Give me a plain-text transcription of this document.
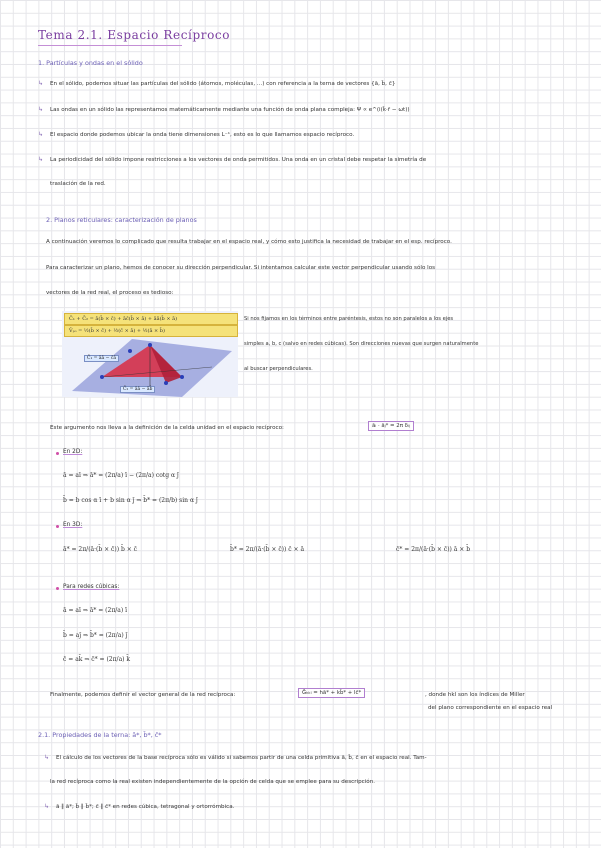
Tema 2.1. Espacio Recíproco
1. Partículas y ondas en el sólido
↳ En el sólido, podemos situar las partículas del sólido (átomos, moléculas, ...) con referencia a la terna de vectores {ā, b̄, c̄}
↳ Las ondas en un sólido las representamos matemáticamente mediante una función de onda plana compleja: Ψ ∝ e^(i(k̄·r̄ − ωt))
↳ El espacio donde podemos ubicar la onda tiene dimensiones L⁻¹, esto es lo que llamamos espacio recíproco.
↳ La periodicidad del sólido impone restricciones a los vectores de onda permitidos. Una onda en un cristal debe respetar la simetría de
traslación de la red.
2. Planos reticulares: caracterización de planos
A continuación veremos lo complicado que resulta trabajar en el espacio real, y cómo esto justifica la necesidad de trabajar en el esp. recíproco.
Para caracterizar un plano, hemos de conocer su dirección perpendicular. Si intentamos calcular este vector perpendicular usando sólo los
vectores de la red real, el proceso es tedioso:
C̄₁ + C̄₂ = ā(b̄ × c̄) + āc̄(b̄ × ā) + āā(b̄ × ā)
V̄ₚₒ = ½(b̄ × c̄) + ½(c̄ × ā) + ½(ā × b̄)
C̄₁ = āā − c̄ā
C̄₂ = āā − āb̄
Si nos fijamos en los términos entre paréntesis, estos no son paralelos a los ejes
simples a, b, c (salvo en redes cúbicas). Son direcciones nuevas que surgen naturalmente
al buscar perpendiculares.
Este argumento nos lleva a la definición de la celda unidad en el espacio recíproco:	āᵢ · āⱼ* = 2π δᵢⱼ
En 2D:
ā = aī ⇒ ā* = (2π/a) ī − (2π/a) cotg α j̄
b̄ = b cos α ī + b sin α j̄ ⇒ b̄* = (2π/b) sin α j̄
En 3D:
ā* = 2π/(ā·(b̄ × c̄)) b̄ × c̄	b̄* = 2π/(ā·(b̄ × c̄)) c̄ × ā	c̄* = 2π/(ā·(b̄ × c̄)) ā × b̄
Para redes cúbicas:
ā = aī ⇒ ā* = (2π/a) ī
b̄ = aj̄ ⇒ b̄* = (2π/a) j̄
c̄ = ak̄ ⇒ c̄* = (2π/a) k̄
Finalmente, podemos definir el vector general de la red recíproca:	Ḡₕₖₗ = hā* + kb̄* + lc̄*	, donde hkl son los índices de Miller
del plano correspondiente en el espacio real
2.1. Propiedades de la terna: ā*, b̄*, c̄*
↳ El cálculo de los vectores de la base recíproca sólo es válido si sabemos partir de una celda primitiva ā, b̄, c̄ en el espacio real. Tam-
la red recíproca como la real existen independientemente de la opción de celda que se emplee para su descripción.
↳ ā ∥ ā*; b̄ ∥ b̄*; c̄ ∥ c̄* en redes cúbica, tetragonal y ortorrómbica.
